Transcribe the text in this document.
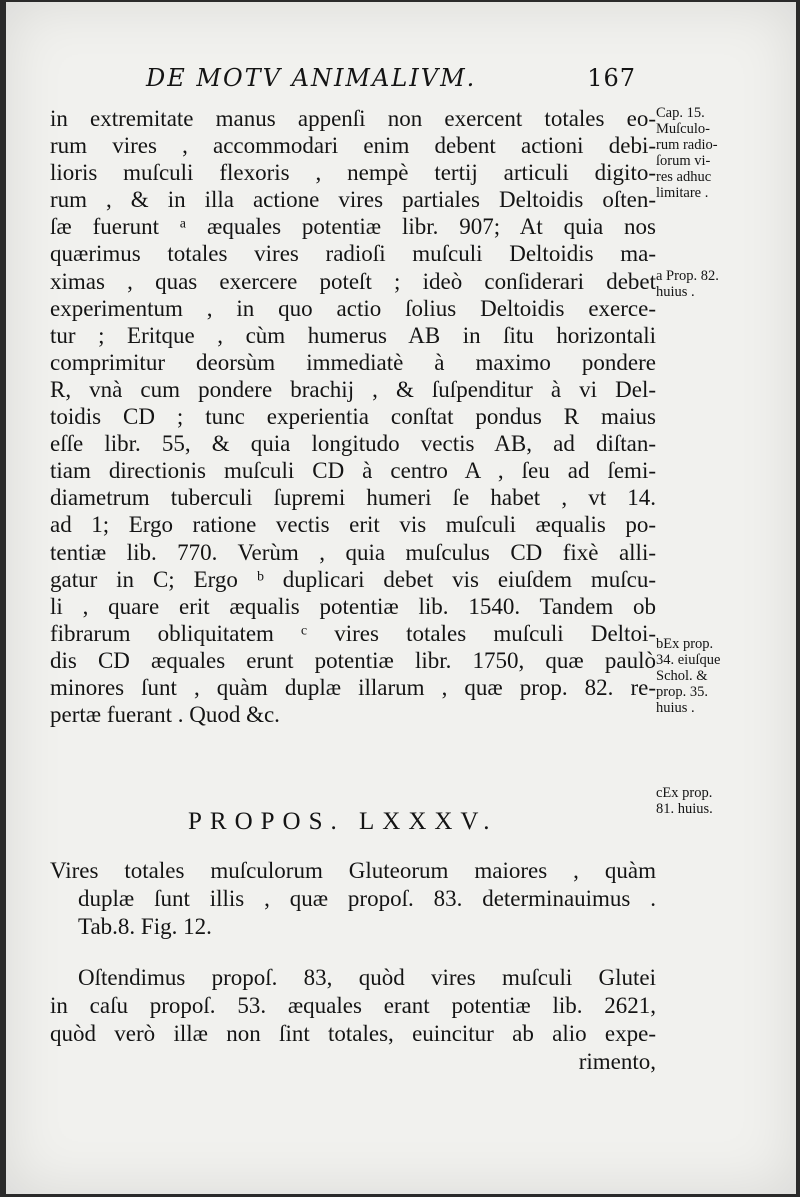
DE MOTV ANIMALIVM.	167
in extremitate manus appenſi non exercent totales eo-
rum vires , accommodari enim debent actioni debi-
lioris muſculi flexoris , nempè tertij articuli digito-
rum , & in illa actione vires partiales Deltoidis oſten-
ſæ fuerunt ᵃ æquales potentiæ libr. 907; At quia nos
quærimus totales vires radioſi muſculi Deltoidis ma-
ximas , quas exercere poteſt ; ideò conſiderari debet
experimentum , in quo actio ſolius Deltoidis exerce-
tur ; Eritque , cùm humerus AB in ſitu horizontali
comprimitur deorsùm immediatè à maximo pondere
R, vnà cum pondere brachij , & ſuſpenditur à vi Del-
toidis CD ; tunc experientia conſtat pondus R maius
eſſe libr. 55, & quia longitudo vectis AB, ad diſtan-
tiam directionis muſculi CD à centro A , ſeu ad ſemi-
diametrum tuberculi ſupremi humeri ſe habet , vt 14.
ad 1; Ergo ratione vectis erit vis muſculi æqualis po-
tentiæ lib. 770. Verùm , quia muſculus CD fixè alli-
gatur in C; Ergo ᵇ duplicari debet vis eiuſdem muſcu-
li , quare erit æqualis potentiæ lib. 1540. Tandem ob
fibrarum obliquitatem ᶜ vires totales muſculi Deltoi-
dis CD æquales erunt potentiæ libr. 1750, quæ paulò
minores ſunt , quàm duplæ illarum , quæ prop. 82. re-
pertæ fuerant . Quod &c.
Cap. 15.
Muſculo-
rum radio-
ſorum vi-
res adhuc
limitare .
a Prop. 82.
huius .
bEx prop.
34. eiuſque
Schol. &
prop. 35.
huius .
cEx prop.
81. huius.
PROPOS. LXXXV.
Vires totales muſculorum Gluteorum maiores , quàm
duplæ ſunt illis , quæ propoſ. 83. determinauimus .
Tab.8. Fig. 12.
Oſtendimus propoſ. 83, quòd vires muſculi Glutei
in caſu propoſ. 53. æquales erant potentiæ lib. 2621,
quòd verò illæ non ſint totales, euincitur ab alio expe-
rimento,
